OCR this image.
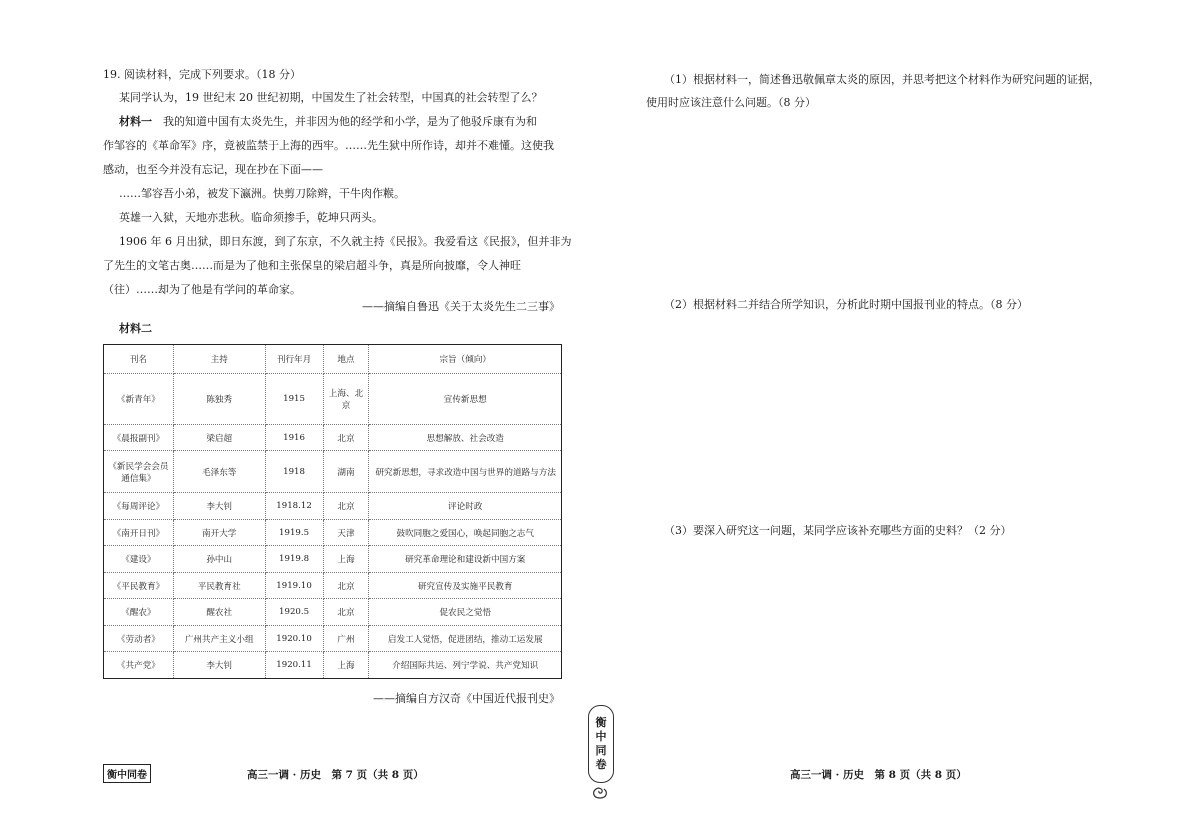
19. 阅读材料，完成下列要求。（18 分）
某同学认为，19 世纪末 20 世纪初期，中国发生了社会转型，中国真的社会转型了么？
材料一　 我的知道中国有太炎先生，并非因为他的经学和小学，是为了他驳斥康有为和
作邹容的《革命军》序，竟被监禁于上海的西牢。……先生狱中所作诗，却并不难懂。这使我
感动，也至今并没有忘记，现在抄在下面——
……邹容吾小弟，被发下瀛洲。快剪刀除辫，干牛肉作糇。
英雄一入狱，天地亦悲秋。临命须掺手，乾坤只两头。
1906 年 6 月出狱，即日东渡，到了东京，不久就主持《民报》。我爱看这《民报》，但并非为
了先生的文笔古奥……而是为了他和主张保皇的梁启超斗争，真是所向披靡，令人神旺
（往）……却为了他是有学问的革命家。
——摘编自鲁迅《关于太炎先生二三事》
材料二
刊名	主持	刊行年月	地点	宗旨（倾向）
《新青年》	陈独秀	1915	上海、北京	宣传新思想
《晨报副刊》	梁启超	1916	北京	思想解放、社会改造
《新民学会会员通信集》	毛泽东等	1918	湖南	研究新思想，寻求改造中国与世界的道路与方法
《每周评论》	李大钊	1918.12	北京	评论时政
《南开日刊》	南开大学	1919.5	天津	鼓吹同胞之爱国心，唤起同胞之志气
《建设》	孙中山	1919.8	上海	研究革命理论和建设新中国方案
《平民教育》	平民教育社	1919.10	北京	研究宣传及实施平民教育
《醒农》	醒农社	1920.5	北京	促农民之觉悟
《劳动者》	广州共产主义小组	1920.10	广州	启发工人觉悟，促进团结，推动工运发展
《共产党》	李大钊	1920.11	上海	介绍国际共运、列宁学说、共产党知识
——摘编自方汉奇《中国近代报刊史》
衡中同卷	高三一调 · 历史　第 7 页（共 8 页）
衡
中
同
卷
（1）根据材料一，简述鲁迅敬佩章太炎的原因，并思考把这个材料作为研究问题的证据，
使用时应该注意什么问题。（8 分）
（2）根据材料二并结合所学知识，分析此时期中国报刊业的特点。（8 分）
（3）要深入研究这一问题，某同学应该补充哪些方面的史料？（2 分）
高三一调 · 历史　第 8 页（共 8 页）
